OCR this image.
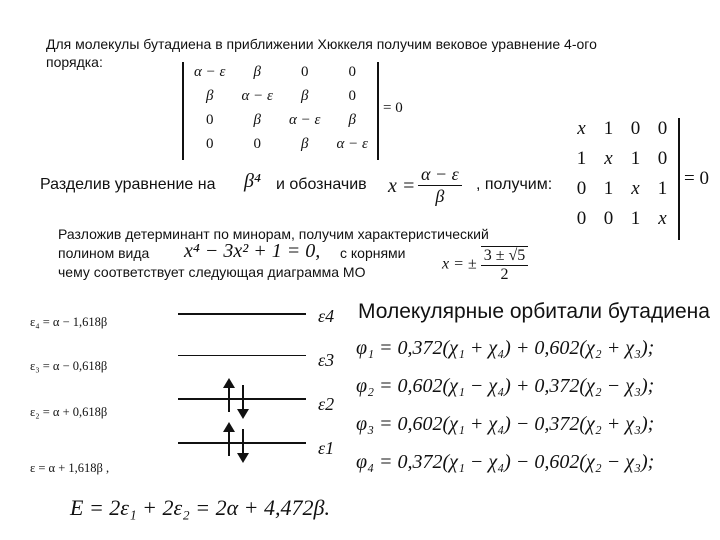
Для молекулы бутадиена в приближении Хюккеля получим вековое уравнение 4-ого
порядка:
α − ε	β	0	0
β	α − ε	β	0
0	β	α − ε	β
0	0	β	α − ε
= 0
Разделив уравнение на β⁴ и обозначив $x = \frac{\alpha - \varepsilon}{\beta}$ , получим:
x 1 0 0
1 x 1 0
0 1 x 1
0 0 1 x
= 0
Разложив детерминант по минорам, получим характеристический
полином вида x⁴ − 3x² + 1 = 0, с корнями
чему соответствует следующая диаграмма МО	x = ± $\frac{3 \pm √5}{2}$
ε₄ = α − 1,618β
ε₃ = α − 0,618β
ε₂ = α + 0,618β
ε = α + 1,618β ,
ε4
ε3
ε2
ε1
Молекулярные орбитали бутадиена
φ₁ = 0,372(χ₁ + χ₄) + 0,602(χ₂ + χ₃);
φ₂ = 0,602(χ₁ − χ₄) + 0,372(χ₂ − χ₃);
φ₃ = 0,602(χ₁ + χ₄) − 0,372(χ₂ + χ₃);
φ₄ = 0,372(χ₁ − χ₄) − 0,602(χ₂ − χ₃);
E = 2ε₁ + 2ε₂ = 2α + 4,472β.
